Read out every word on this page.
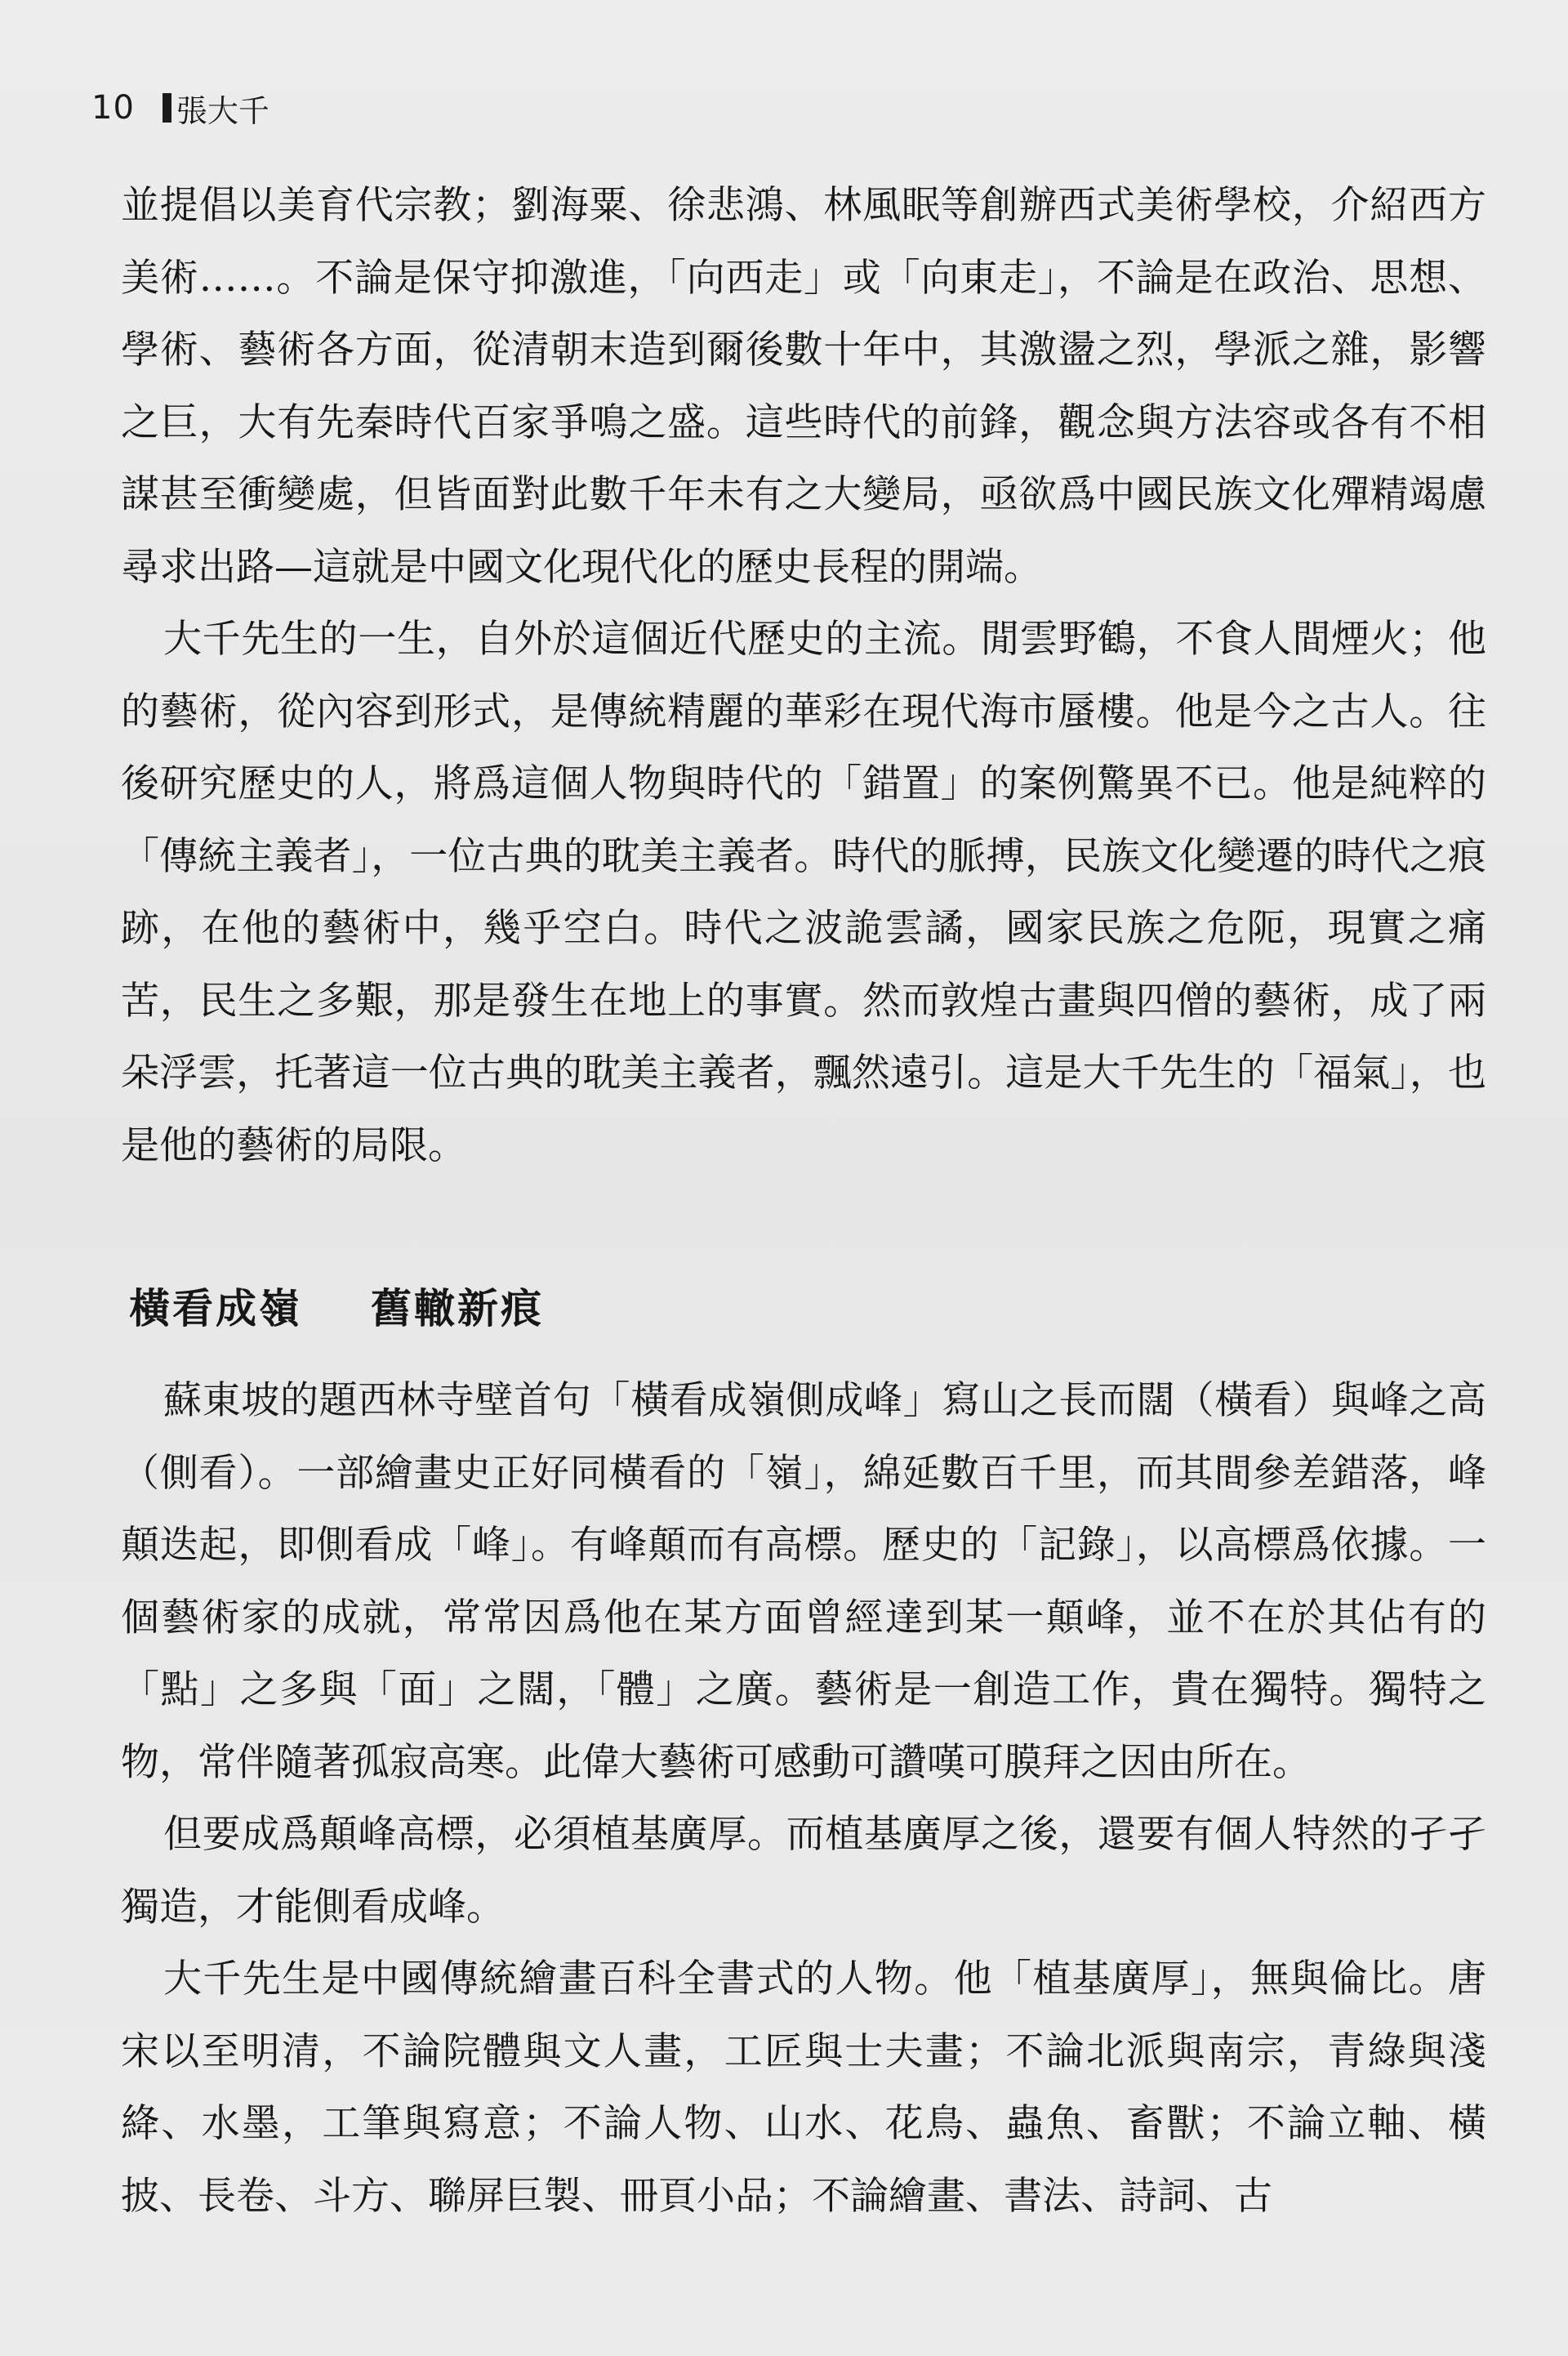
10 張大千

並提倡以美育代宗教；劉海粟、徐悲鴻、林風眠等創辦西式美術學校，介紹西方美術……。不論是保守抑激進，「向西走」或「向東走」，不論是在政治、思想、學術、藝術各方面，從清朝末造到爾後數十年中，其激盪之烈，學派之雜，影響之巨，大有先秦時代百家爭鳴之盛。這些時代的前鋒，觀念與方法容或各有不相謀甚至衝變處，但皆面對此數千年未有之大變局，亟欲爲中國民族文化殫精竭慮尋求出路—這就是中國文化現代化的歷史長程的開端。

大千先生的一生，自外於這個近代歷史的主流。閒雲野鶴，不食人間煙火；他的藝術，從內容到形式，是傳統精麗的華彩在現代海市蜃樓。他是今之古人。往後研究歷史的人，將爲這個人物與時代的「錯置」的案例驚異不已。他是純粹的「傳統主義者」，一位古典的耽美主義者。時代的脈搏，民族文化變遷的時代之痕跡，在他的藝術中，幾乎空白。時代之波詭雲譎，國家民族之危阨，現實之痛苦，民生之多艱，那是發生在地上的事實。然而敦煌古畫與四僧的藝術，成了兩朵浮雲，托著這一位古典的耽美主義者，飄然遠引。這是大千先生的「福氣」，也是他的藝術的局限。

橫看成嶺 舊轍新痕

蘇東坡的題西林寺壁首句「橫看成嶺側成峰」寫山之長而闊（橫看）與峰之高（側看）。一部繪畫史正好同橫看的「嶺」，綿延數百千里，而其間參差錯落，峰顛迭起，即側看成「峰」。有峰顛而有高標。歷史的「記錄」，以高標爲依據。一個藝術家的成就，常常因爲他在某方面曾經達到某一顛峰，並不在於其佔有的「點」之多與「面」之闊，「體」之廣。藝術是一創造工作，貴在獨特。獨特之物，常伴隨著孤寂高寒。此偉大藝術可感動可讚嘆可膜拜之因由所在。

但要成爲顛峰高標，必須植基廣厚。而植基廣厚之後，還要有個人特然的孑孑獨造，才能側看成峰。

大千先生是中國傳統繪畫百科全書式的人物。他「植基廣厚」，無與倫比。唐宋以至明清，不論院體與文人畫，工匠與士夫畫；不論北派與南宗，青綠與淺絳、水墨，工筆與寫意；不論人物、山水、花鳥、蟲魚、畜獸；不論立軸、橫披、長卷、斗方、聯屏巨製、冊頁小品；不論繪畫、書法、詩詞、古
